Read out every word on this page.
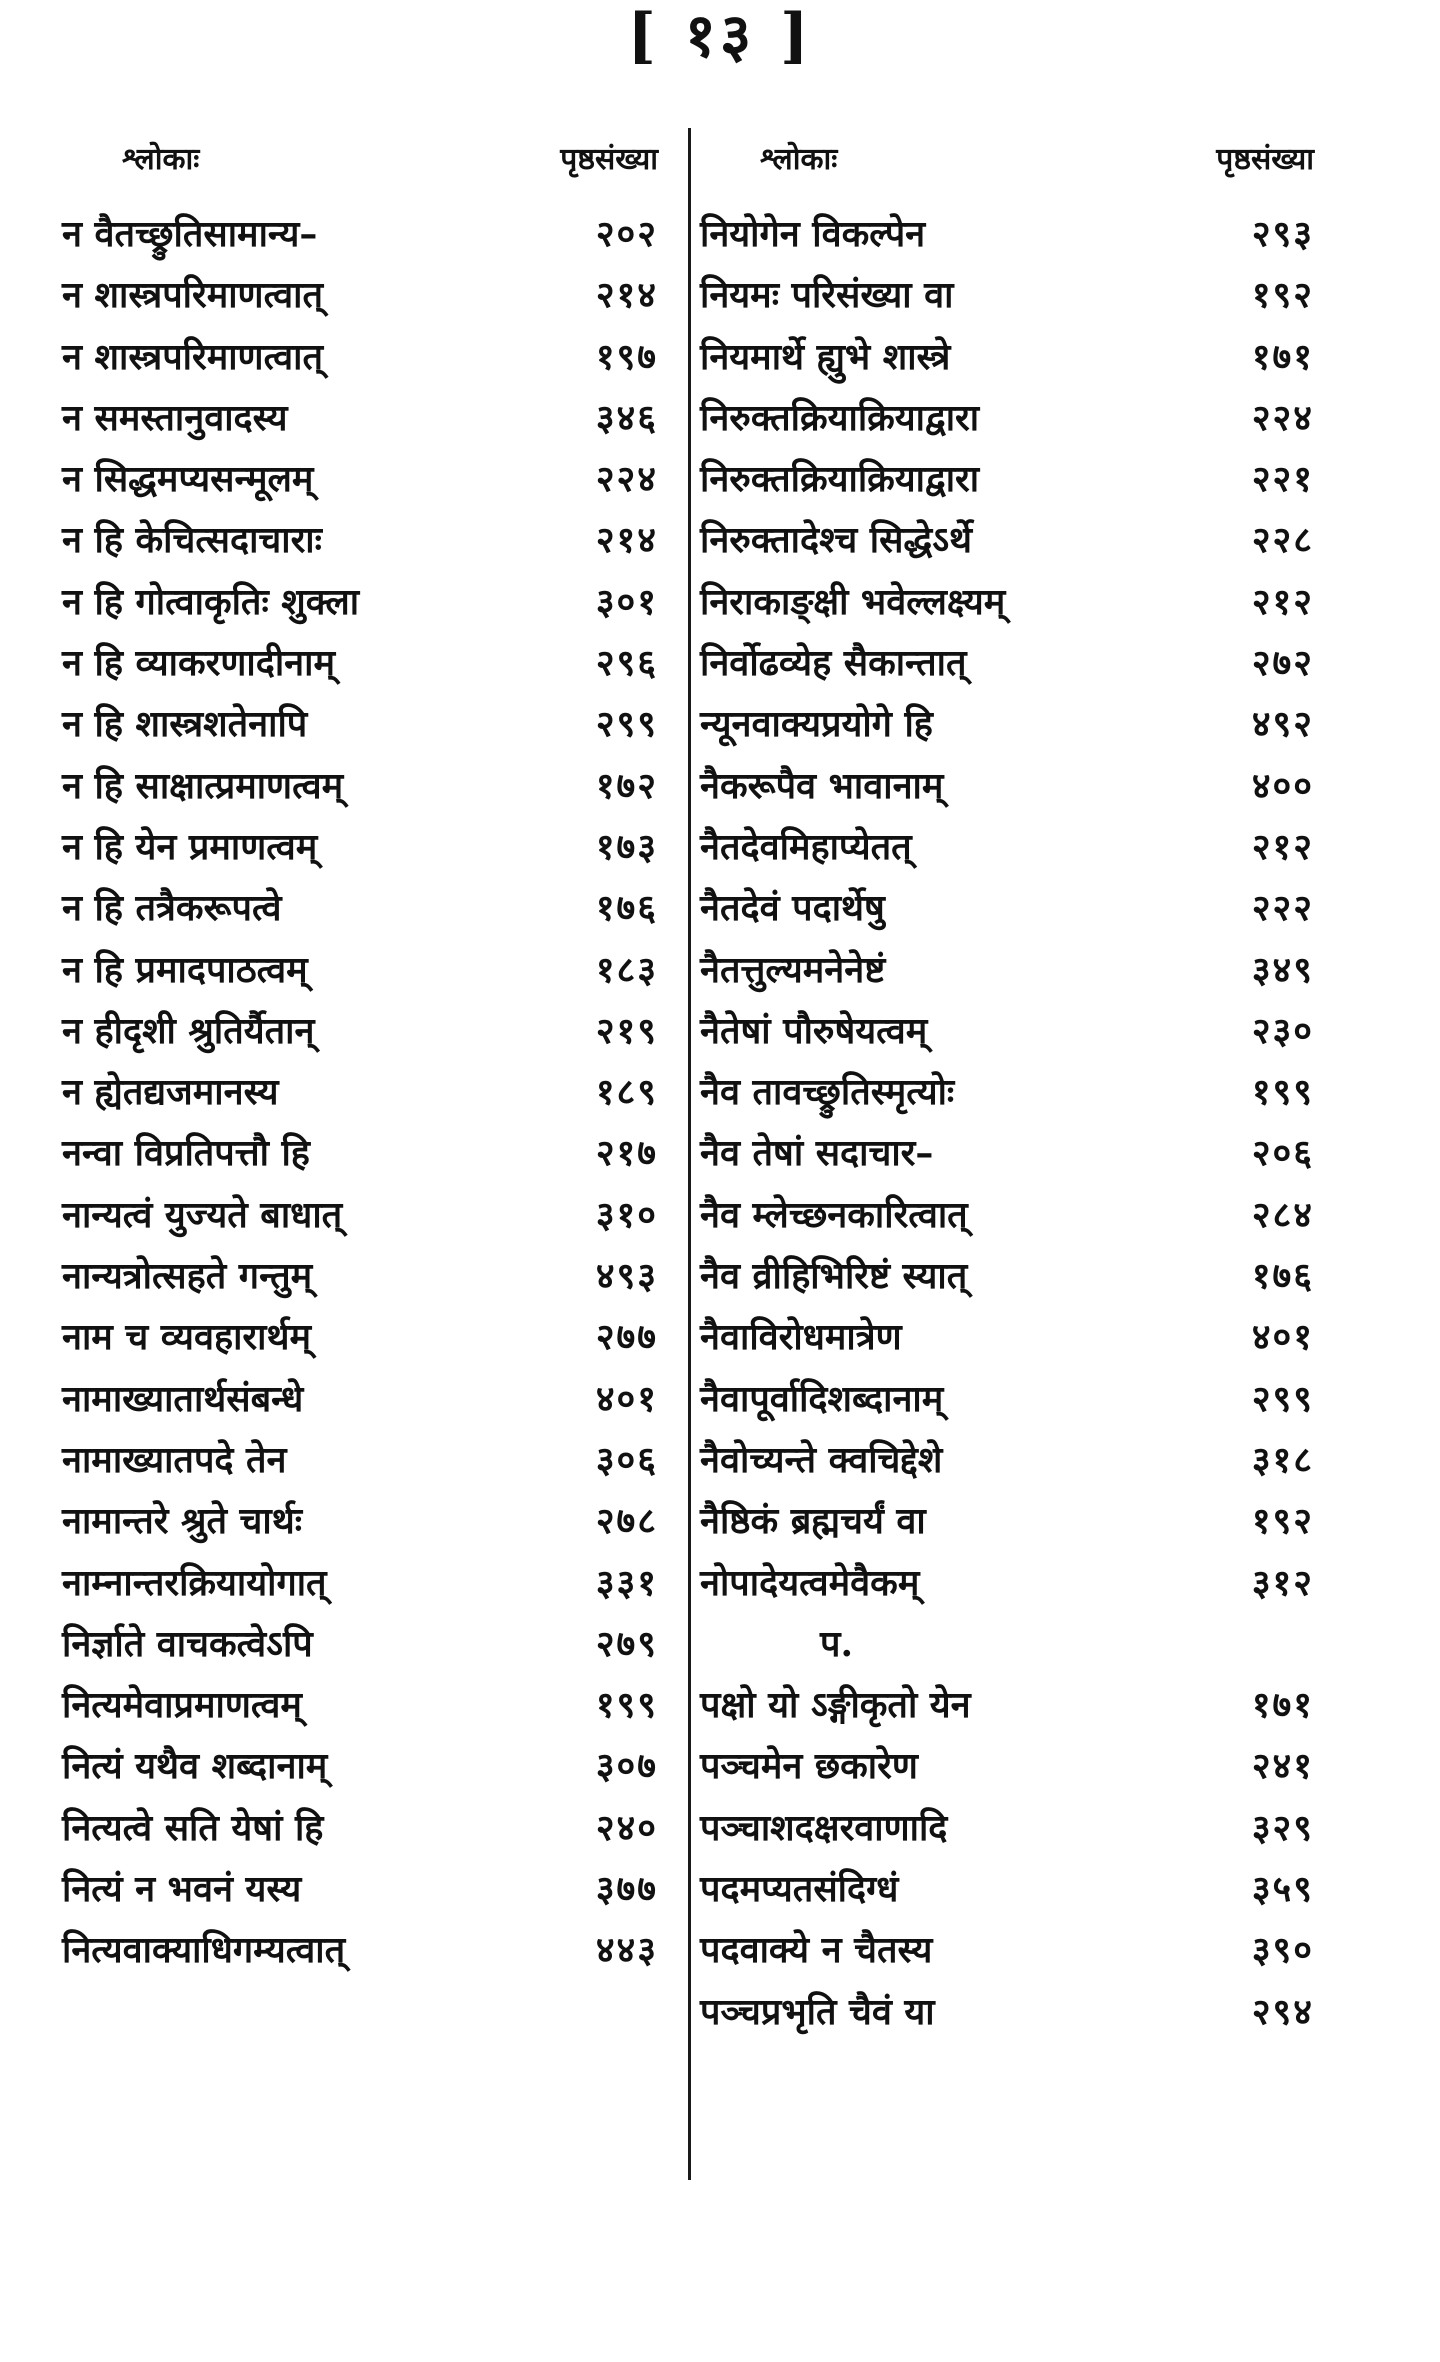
[ १३ ]
श्लोकाः	पृष्ठसंख्या
न वैतच्छ्रुतिसामान्य–	२०२
न शास्त्रपरिमाणत्वात्	२१४
न शास्त्रपरिमाणत्वात्	१९७
न समस्तानुवादस्य	३४६
न सिद्धमप्यसन्मूलम्	२२४
न हि केचित्सदाचाराः	२१४
न हि गोत्वाकृतिः शुक्ला	३०१
न हि व्याकरणादीनाम्	२९६
न हि शास्त्रशतेनापि	२९९
न हि साक्षात्प्रमाणत्वम्	१७२
न हि येन प्रमाणत्वम्	१७३
न हि तत्रैकरूपत्वे	१७६
न हि प्रमादपाठत्वम्	१८३
न हीदृशी श्रुतिर्यैतान्	२१९
न ह्येतद्यजमानस्य	१८९
नन्वा विप्रतिपत्तौ हि	२१७
नान्यत्वं युज्यते बाधात्	३१०
नान्यत्रोत्सहते गन्तुम्	४९३
नाम च व्यवहारार्थम्	२७७
नामाख्यातार्थसंबन्धे	४०१
नामाख्यातपदे तेन	३०६
नामान्तरे श्रुते चार्थः	२७८
नाम्नान्तरक्रियायोगात्	३३१
निर्ज्ञाते वाचकत्वेऽपि	२७९
नित्यमेवाप्रमाणत्वम्	१९९
नित्यं यथैव शब्दानाम्	३०७
नित्यत्वे सति येषां हि	२४०
नित्यं न भवनं यस्य	३७७
नित्यवाक्याधिगम्यत्वात्	४४३
श्लोकाः	पृष्ठसंख्या
नियोगेन विकल्पेन	२९३
नियमः परिसंख्या वा	१९२
नियमार्थे ह्युभे शास्त्रे	१७१
निरुक्तक्रियाक्रियाद्वारा	२२४
निरुक्तक्रियाक्रियाद्वारा	२२१
निरुक्तादेश्च सिद्धेऽर्थे	२२८
निराकाङ्क्षी भवेल्लक्ष्यम्	२१२
निर्वोढव्येह सैकान्तात्	२७२
न्यूनवाक्यप्रयोगे हि	४९२
नैकरूपैव भावानाम्	४००
नैतदेवमिहाप्येतत्	२१२
नैतदेवं पदार्थेषु	२२२
नैतत्तुल्यमनेनेष्टं	३४९
नैतेषां पौरुषेयत्वम्	२३०
नैव तावच्छ्रुतिस्मृत्योः	१९९
नैव तेषां सदाचार–	२०६
नैव म्लेच्छनकारित्वात्	२८४
नैव व्रीहिभिरिष्टं स्यात्	१७६
नैवाविरोधमात्रेण	४०१
नैवापूर्वादिशब्दानाम्	२९९
नैवोच्यन्ते क्वचिद्देशे	३१८
नैष्ठिकं ब्रह्मचर्यं वा	१९२
नोपादेयत्वमेवैकम्	३१२
प.
पक्षो यो ऽङ्गीकृतो येन	१७१
पञ्चमेन छकारेण	२४१
पञ्चाशदक्षरवाणादि	३२९
पदमप्यतसंदिग्धं	३५९
पदवाक्ये न चैतस्य	३९०
पञ्चप्रभृति चैवं या	२९४
